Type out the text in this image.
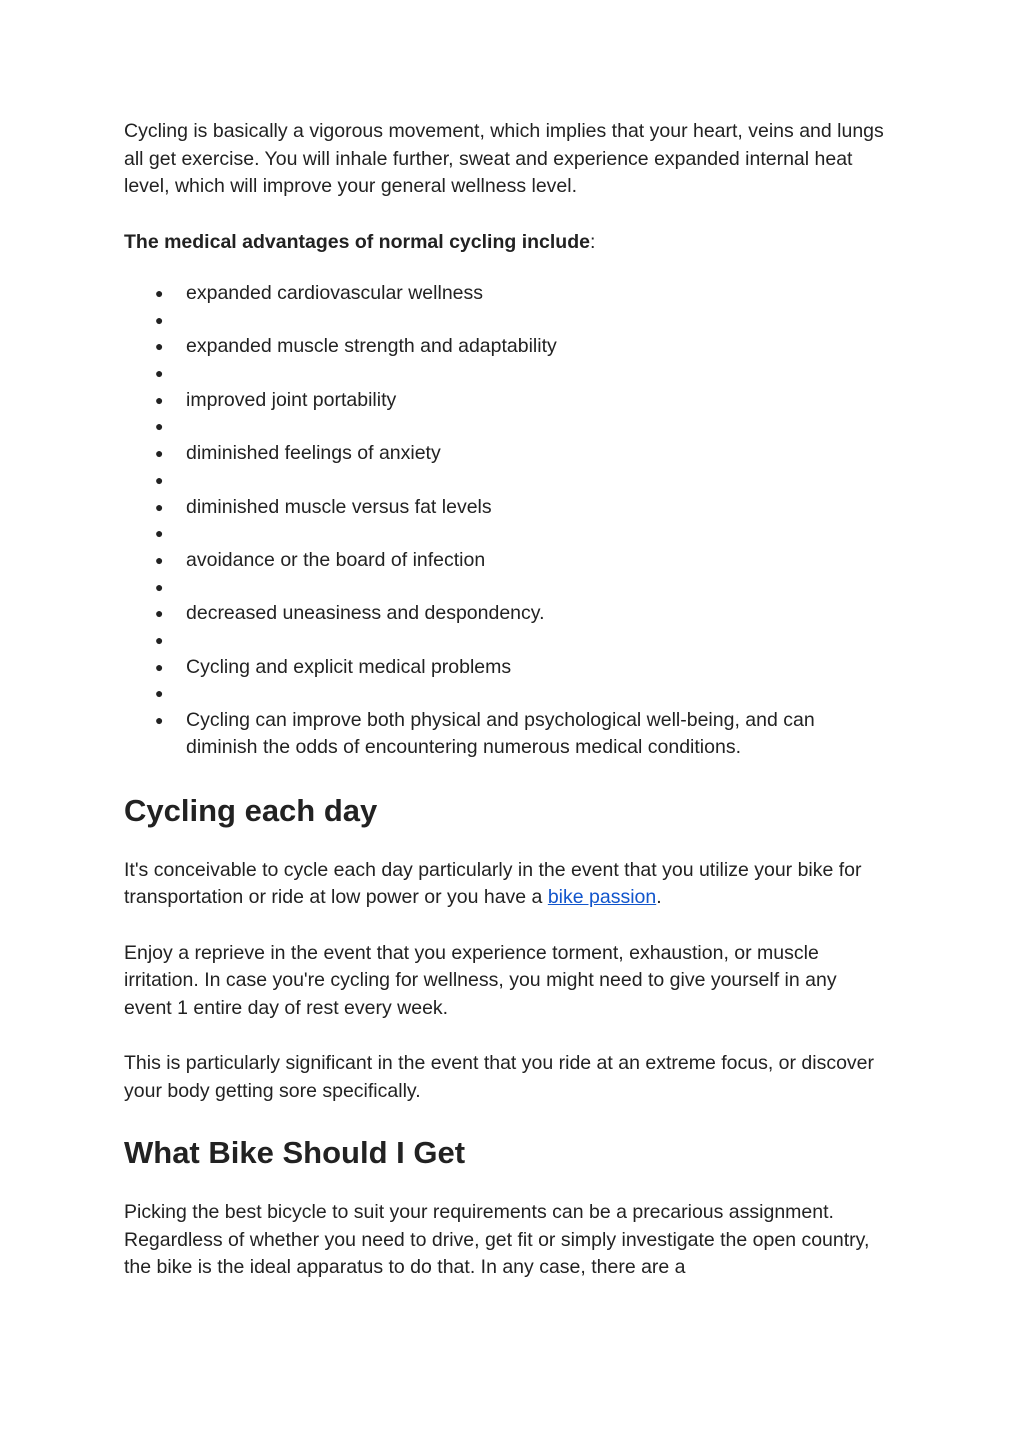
Cycling is basically a vigorous movement, which implies that your heart, veins and lungs all get exercise. You will inhale further, sweat and experience expanded internal heat level, which will improve your general wellness level.

The medical advantages of normal cycling include:

● expanded cardiovascular wellness
●
● expanded muscle strength and adaptability
●
● improved joint portability
●
● diminished feelings of anxiety
●
● diminished muscle versus fat levels
●
● avoidance or the board of infection
●
● decreased uneasiness and despondency.
●
● Cycling and explicit medical problems
●
● Cycling can improve both physical and psychological well-being, and can diminish the odds of encountering numerous medical conditions.
Cycling each day

It's conceivable to cycle each day particularly in the event that you utilize your bike for transportation or ride at low power or you have a bike passion.

Enjoy a reprieve in the event that you experience torment, exhaustion, or muscle irritation. In case you're cycling for wellness, you might need to give yourself in any event 1 entire day of rest every week.

This is particularly significant in the event that you ride at an extreme focus, or discover your body getting sore specifically.

What Bike Should I Get

Picking the best bicycle to suit your requirements can be a precarious assignment. Regardless of whether you need to drive, get fit or simply investigate the open country, the bike is the ideal apparatus to do that. In any case, there are a
